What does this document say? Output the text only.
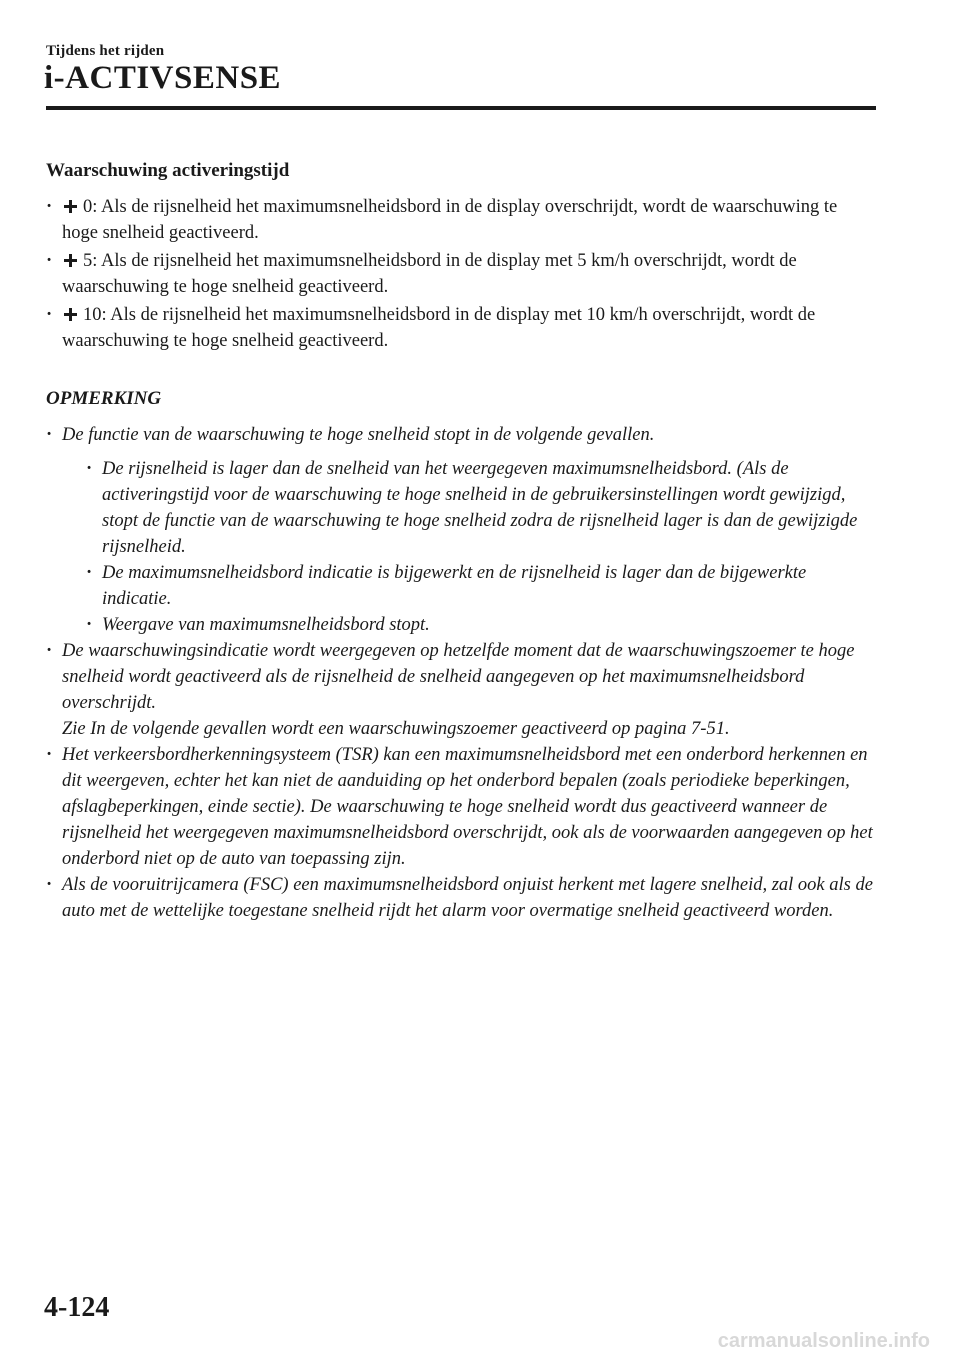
Tijdens het rijden
i-ACTIVSENSE
Waarschuwing activeringstijd
·	0: Als de rijsnelheid het maximumsnelheidsbord in de display overschrijdt, wordt de waarschuwing te hoge snelheid geactiveerd.
·	5: Als de rijsnelheid het maximumsnelheidsbord in de display met 5 km/h overschrijdt, wordt de waarschuwing te hoge snelheid geactiveerd.
·	10: Als de rijsnelheid het maximumsnelheidsbord in de display met 10 km/h overschrijdt, wordt de waarschuwing te hoge snelheid geactiveerd.
OPMERKING
· De functie van de waarschuwing te hoge snelheid stopt in de volgende gevallen.
· De rijsnelheid is lager dan de snelheid van het weergegeven maximumsnelheidsbord. (Als de activeringstijd voor de waarschuwing te hoge snelheid in de gebruikersinstellingen wordt gewijzigd, stopt de functie van de waarschuwing te hoge snelheid zodra de rijsnelheid lager is dan de gewijzigde rijsnelheid.
· De maximumsnelheidsbord indicatie is bijgewerkt en de rijsnelheid is lager dan de bijgewerkte indicatie.
· Weergave van maximumsnelheidsbord stopt.
· De waarschuwingsindicatie wordt weergegeven op hetzelfde moment dat de waarschuwingszoemer te hoge snelheid wordt geactiveerd als de rijsnelheid de snelheid aangegeven op het maximumsnelheidsbord overschrijdt.
Zie In de volgende gevallen wordt een waarschuwingszoemer geactiveerd op pagina 7-51.
· Het verkeersbordherkenningsysteem (TSR) kan een maximumsnelheidsbord met een onderbord herkennen en dit weergeven, echter het kan niet de aanduiding op het onderbord bepalen (zoals periodieke beperkingen, afslagbeperkingen, einde sectie). De waarschuwing te hoge snelheid wordt dus geactiveerd wanneer de rijsnelheid het weergegeven maximumsnelheidsbord overschrijdt, ook als de voorwaarden aangegeven op het onderbord niet op de auto van toepassing zijn.
· Als de vooruitrijcamera (FSC) een maximumsnelheidsbord onjuist herkent met lagere snelheid, zal ook als de auto met de wettelijke toegestane snelheid rijdt het alarm voor overmatige snelheid geactiveerd worden.
4-124
carmanualsonline.info
